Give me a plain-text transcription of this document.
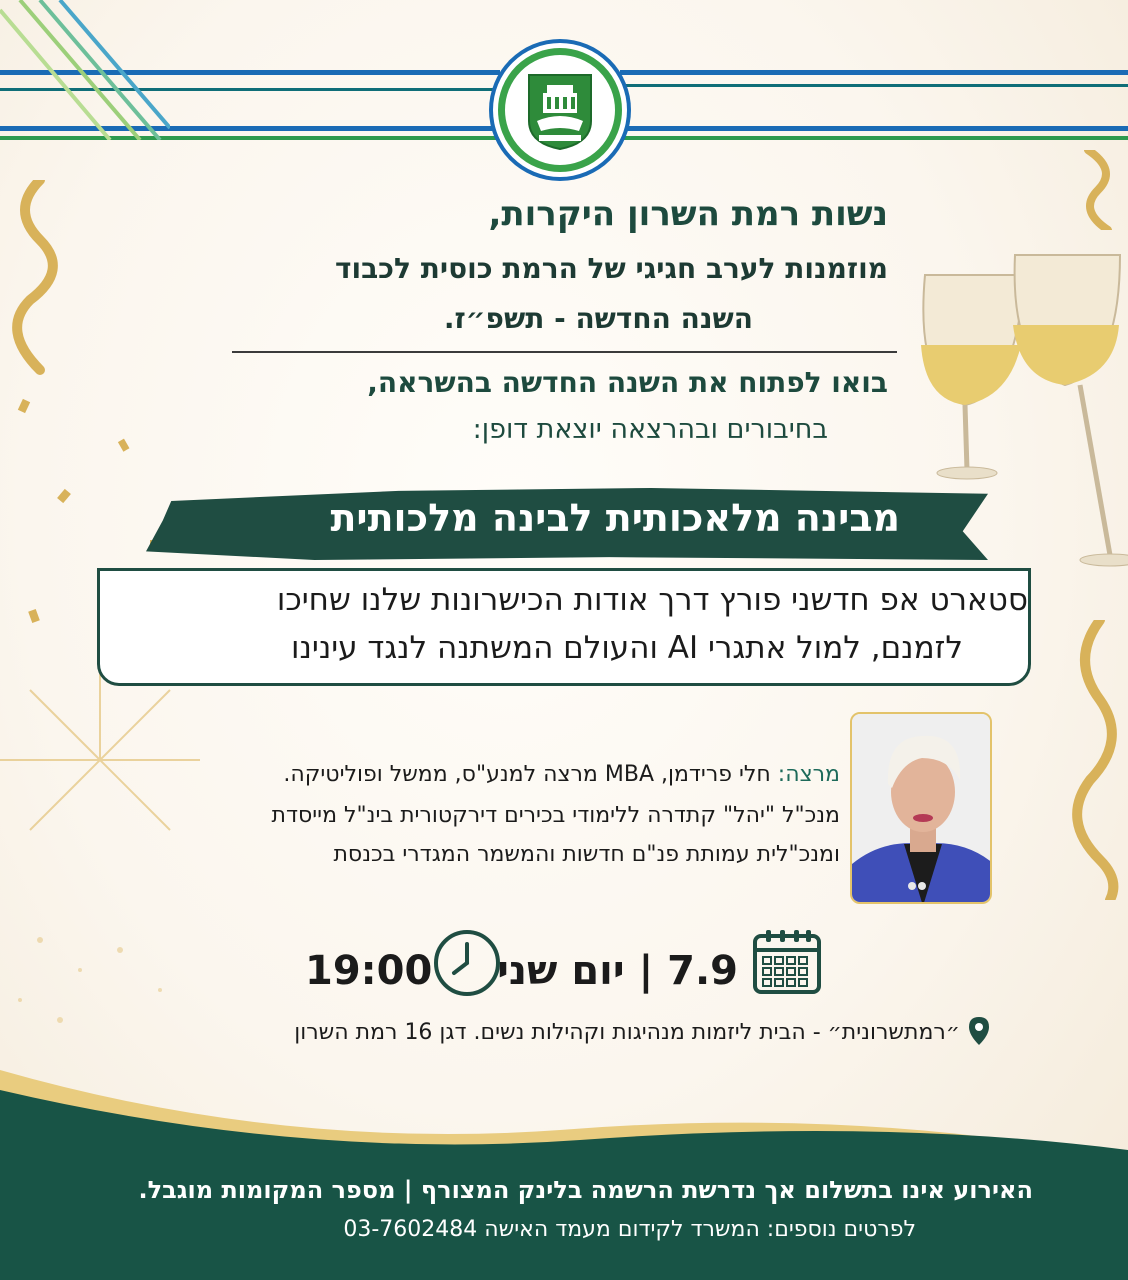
נשות רמת השרון היקרות,
מוזמנות לערב חגיגי של הרמת כוסית לכבוד
השנה החדשה - תשפ״ז.
בואו לפתוח את השנה החדשה בהשראה,
בחיבורים ובהרצאה יוצאת דופן:
מבינה מלאכותית לבינה מלכותית
סטארט אפ חדשני פורץ דרך אודות הכישרונות שלנו שחיכו
לזמנם, למול אתגרי AI והעולם המשתנה לנגד עינינו
מרצה: חלי פרידמן, MBA מרצה למנע"ס, ממשל ופוליטיקה.
מנכ"ל "יהל" קתדרה ללימודי בכירים דירקטורית בינ"ל מייסדת
ומנכ"לית עמותת פנ"ם חדשות והמשמר המגדרי בכנסת
7.9 | יום שני
19:00
״רמתשרונית״ - הבית ליזמות מנהיגות וקהילות נשים. דגן 16 רמת השרון
האירוע אינו בתשלום אך נדרשת הרשמה בלינק המצורף | מספר המקומות מוגבל.
לפרטים נוספים: המשרד לקידום מעמד האישה 03-7602484
